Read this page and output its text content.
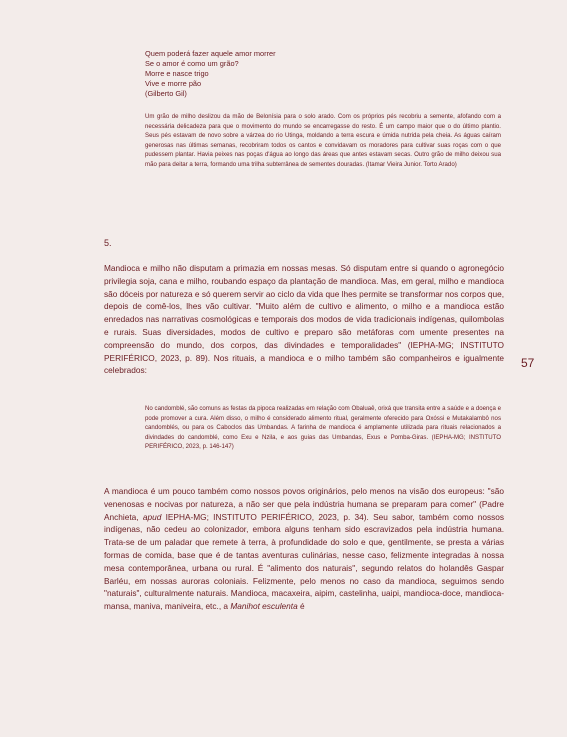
Quem poderá fazer aquele amor morrer
Se o amor é como um grão?
Morre e nasce trigo
Vive e morre pão
(Gilberto Gil)
Um grão de milho deslizou da mão de Belonísia para o solo arado. Com os próprios pés recobriu a semente, afofando com a necessária delicadeza para que o movimento do mundo se encarregasse do resto. É um campo maior que o do último plantio. Seus pés estavam de novo sobre a várzea do rio Utinga, moldando a terra escura e úmida nutrida pela cheia. As águas caíram generosas nas últimas semanas, recobriram todos os cantos e convidavam os moradores para cultivar suas roças com o que pudessem plantar. Havia peixes nas poças d'água ao longo das áreas que antes estavam secas. Outro grão de milho deixou sua mão para deitar a terra, formando uma trilha subterrânea de sementes douradas. (Itamar Vieira Junior. Torto Arado)
5.
Mandioca e milho não disputam a primazia em nossas mesas. Só disputam entre si quando o agronegócio privilegia soja, cana e milho, roubando espaço da plantação de mandioca. Mas, em geral, milho e mandioca são dóceis por natureza e só querem servir ao ciclo da vida que lhes permite se transformar nos corpos que, depois de comê-los, lhes vão cultivar. "Muito além de cultivo e alimento, o milho e a mandioca estão enredados nas narrativas cosmológicas e temporais dos modos de vida tradicionais indígenas, quilombolas e rurais. Suas diversidades, modos de cultivo e preparo são metáforas com umente presentes na compreensão do mundo, dos corpos, das divindades e temporalidades" (IEPHA-MG; INSTITUTO PERIFÉRICO, 2023, p. 89). Nos rituais, a mandioca e o milho também são companheiros e igualmente celebrados:
No candomblé, são comuns as festas da pipoca realizadas em relação com Obaluaê, orixá que transita entre a saúde e a doença e pode promover a cura. Além disso, o milho é considerado alimento ritual, geralmente oferecido para Oxóssi e Mutakalambô nos candomblés, ou para os Caboclos das Umbandas. A farinha de mandioca é amplamente utilizada para rituais relacionados a divindades do candomblé, como Exu e Nzila, e aos guias das Umbandas, Exus e Pomba-Giras. (IEPHA-MG; INSTITUTO PERIFÉRICO, 2023, p. 146-147)
A mandioca é um pouco também como nossos povos originários, pelo menos na visão dos europeus: "são venenosas e nocivas por natureza, a não ser que pela indústria humana se preparam para comer" (Padre Anchieta, apud IEPHA-MG; INSTITUTO PERIFÉRICO, 2023, p. 34). Seu sabor, também como nossos indígenas, não cedeu ao colonizador, embora alguns tenham sido escravizados pela indústria humana. Trata-se de um paladar que remete à terra, à profundidade do solo e que, gentilmente, se presta a várias formas de comida, base que é de tantas aventuras culinárias, nesse caso, felizmente integradas à nossa mesa contemporânea, urbana ou rural. É "alimento dos naturais", segundo relatos do holandês Gaspar Barléu, em nossas auroras coloniais. Felizmente, pelo menos no caso da mandioca, seguimos sendo "naturais", culturalmente naturais. Mandioca, macaxeira, aipim, castelinha, uaipi, mandioca-doce, mandioca-mansa, maniva, maniveira, etc., a Manihot esculenta é
57
